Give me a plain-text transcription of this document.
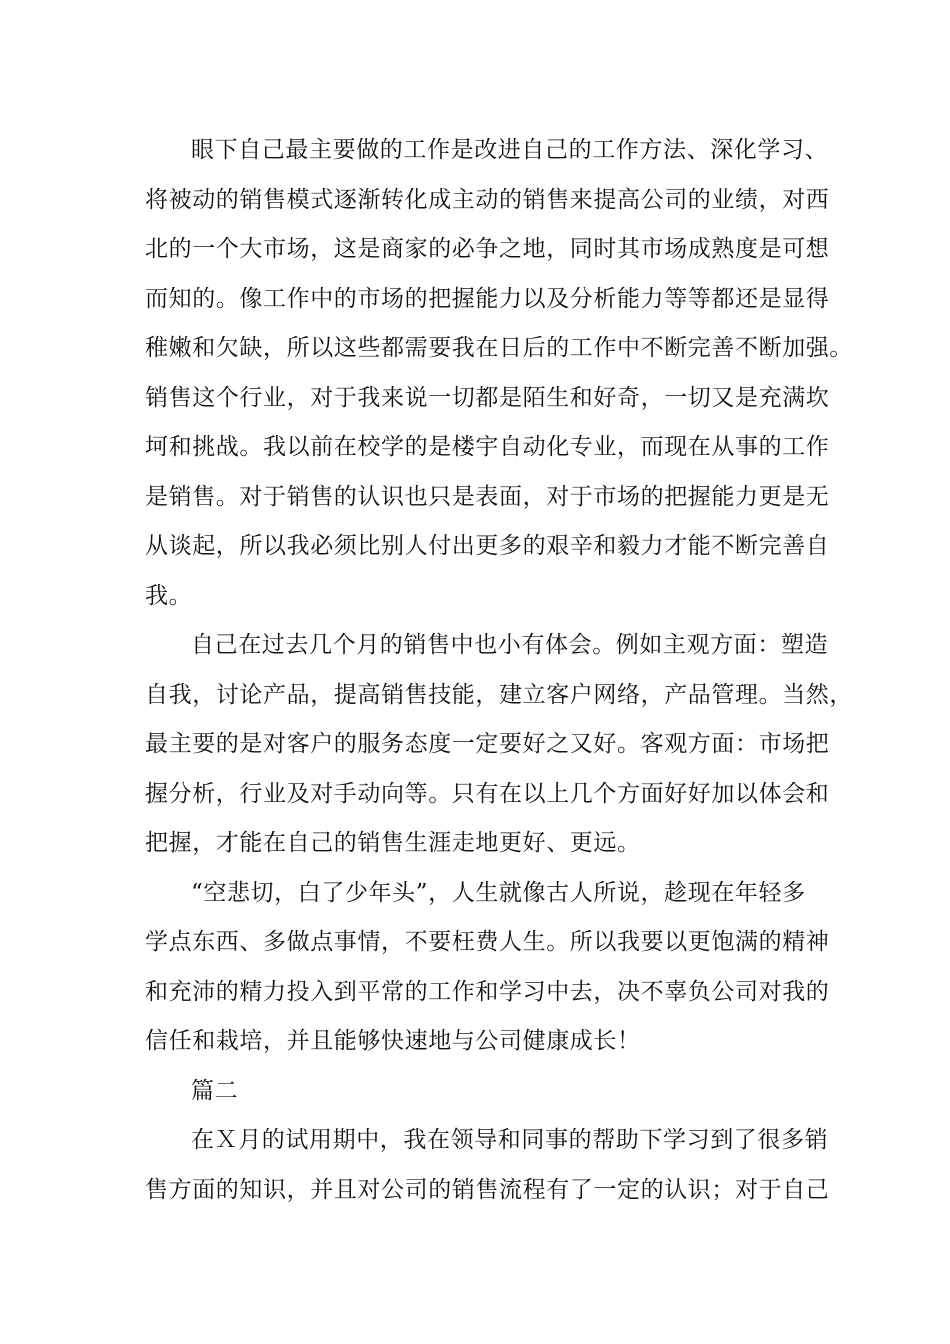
眼下自己最主要做的工作是改进自己的工作方法、深化学习、
将被动的销售模式逐渐转化成主动的销售来提高公司的业绩，对西
北的一个大市场，这是商家的必争之地，同时其市场成熟度是可想
而知的。像工作中的市场的把握能力以及分析能力等等都还是显得
稚嫩和欠缺，所以这些都需要我在日后的工作中不断完善不断加强。
销售这个行业，对于我来说一切都是陌生和好奇，一切又是充满坎
坷和挑战。我以前在校学的是楼宇自动化专业，而现在从事的工作
是销售。对于销售的认识也只是表面，对于市场的把握能力更是无
从谈起，所以我必须比别人付出更多的艰辛和毅力才能不断完善自
我。
自己在过去几个月的销售中也小有体会。例如主观方面：塑造
自我，讨论产品，提高销售技能，建立客户网络，产品管理。当然，
最主要的是对客户的服务态度一定要好之又好。客观方面：市场把
握分析，行业及对手动向等。只有在以上几个方面好好加以体会和
把握，才能在自己的销售生涯走地更好、更远。
“空悲切，白了少年头”，人生就像古人所说，趁现在年轻多
学点东西、多做点事情，不要枉费人生。所以我要以更饱满的精神
和充沛的精力投入到平常的工作和学习中去，决不辜负公司对我的
信任和栽培，并且能够快速地与公司健康成长！
篇二
在Ｘ月的试用期中，我在领导和同事的帮助下学习到了很多销
售方面的知识，并且对公司的销售流程有了一定的认识；对于自己
